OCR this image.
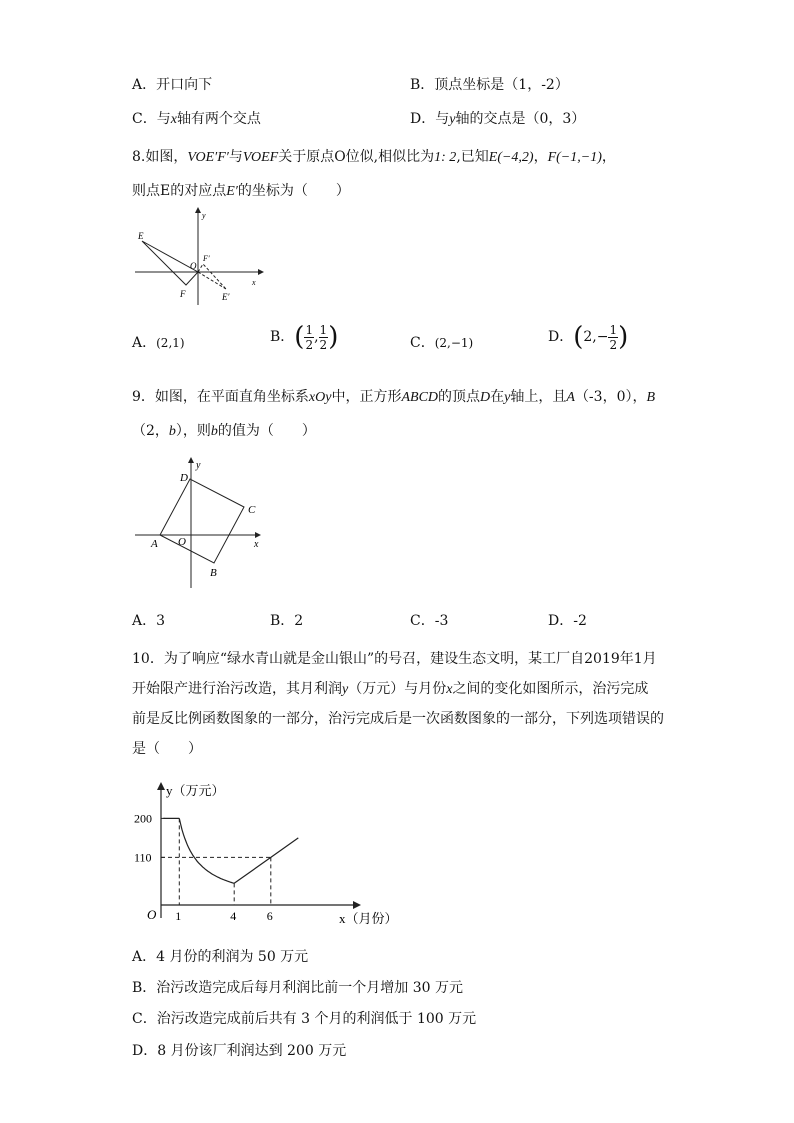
A．开口向下	B．顶点坐标是（1，-2）
C．与x轴有两个交点	D．与y轴的交点是（0，3）
8.如图，VOE′F′与VOEF关于原点O位似,相似比为1: 2,已知E(−4,2)，F(−1,−1)，
则点E的对应点E′的坐标为（　　）
E
F
O
F′
E′
x
y
A．(2,1)	B．( $\frac{1}{2}$ , $\frac{1}{2}$ )	C．(2,−1)	D．($2,- \frac{1}{2}$ )
9．如图，在平面直角坐标系xOy中，正方形ABCD的顶点D在y轴上，且A（-3，0），B
（2，b），则b的值为（　　）
D
C
A O
B
x
y
A．3	B．2	C．-3	D．-2
10．为了响应“绿水青山就是金山银山”的号召，建设生态文明，某工厂自2019年1月
开始限产进行治污改造，其月利润y（万元）与月份x之间的变化如图所示，治污完成
前是反比例函数图象的一部分，治污完成后是一次函数图象的一部分，下列选项错误的
是（　　）
1	4	6
200
110
y（万元）
x（月份）
O
A．4 月份的利润为 50 万元
B．治污改造完成后每月利润比前一个月增加 30 万元
C．治污改造完成前后共有 3 个月的利润低于 100 万元
D．8 月份该厂利润达到 200 万元
